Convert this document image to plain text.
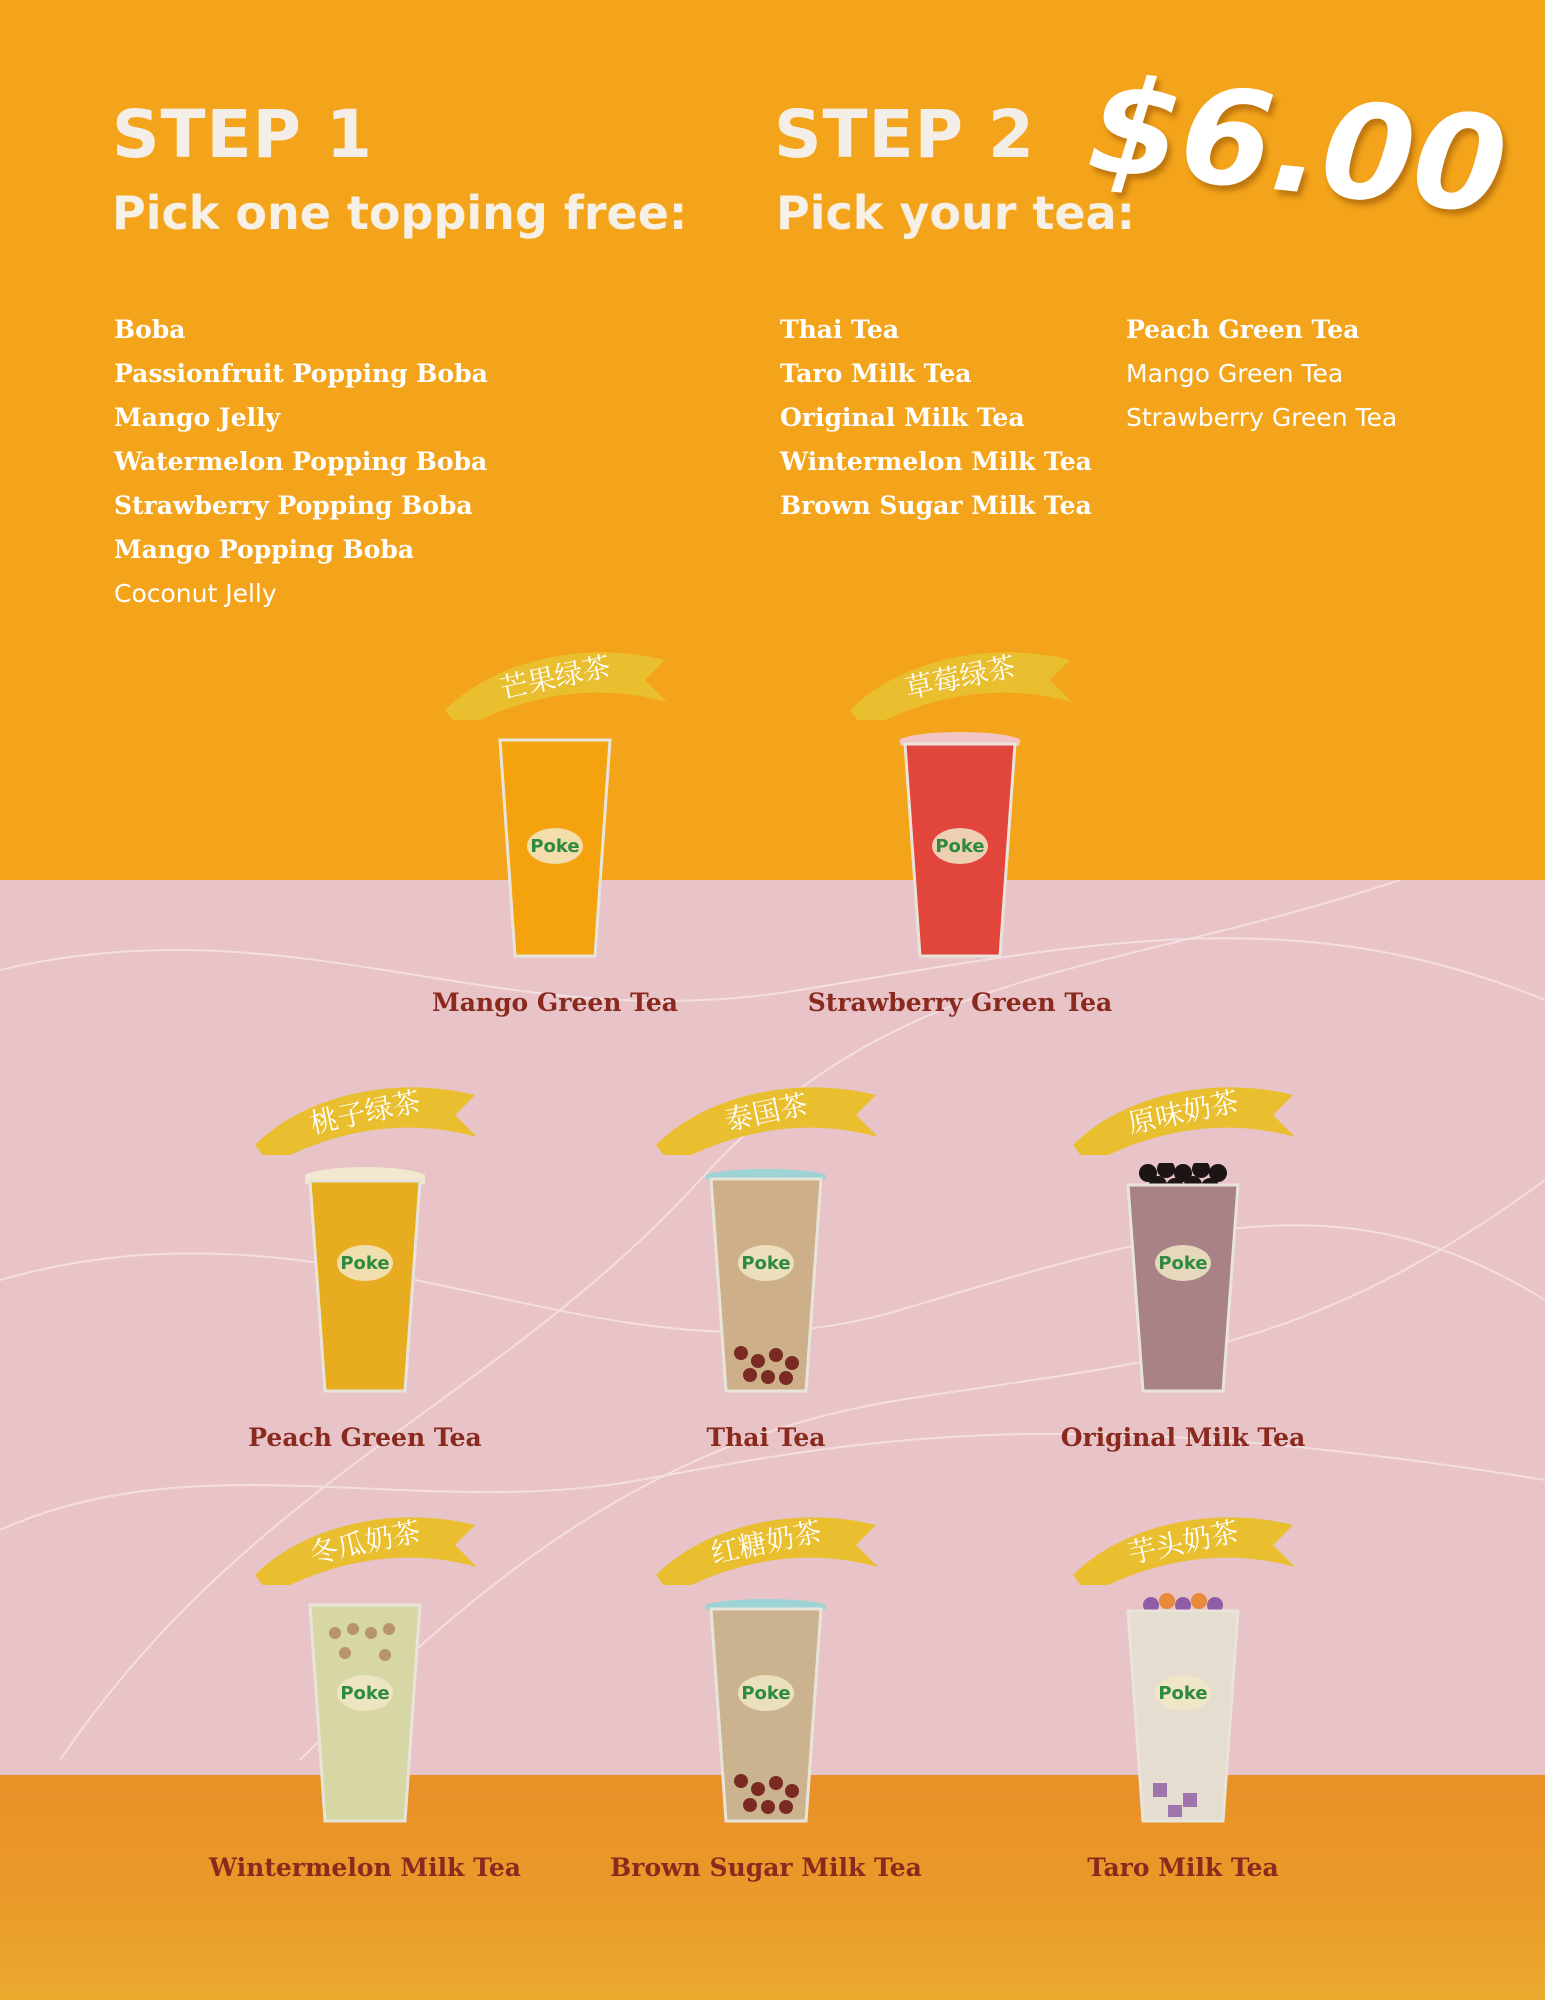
STEP 1
Pick one topping free:
STEP 2
Pick your tea:
$6.00
Boba
Passionfruit Popping Boba
Mango Jelly
Watermelon Popping Boba
Strawberry Popping Boba
Mango Popping Boba
Coconut Jelly
Thai Tea
Taro Milk Tea
Original Milk Tea
Wintermelon Milk Tea
Brown Sugar Milk Tea
Peach Green Tea
Mango Green Tea
Strawberry Green Tea
芒果绿茶
Poke
Mango Green Tea
草莓绿茶
Poke
Strawberry Green Tea
桃子绿茶
Poke
Peach Green Tea
泰国茶
Poke
Thai Tea
原味奶茶
Poke
Original Milk Tea
冬瓜奶茶
Poke
Wintermelon Milk Tea
红糖奶茶
Poke
Brown Sugar Milk Tea
芋头奶茶
Poke
Taro Milk Tea
